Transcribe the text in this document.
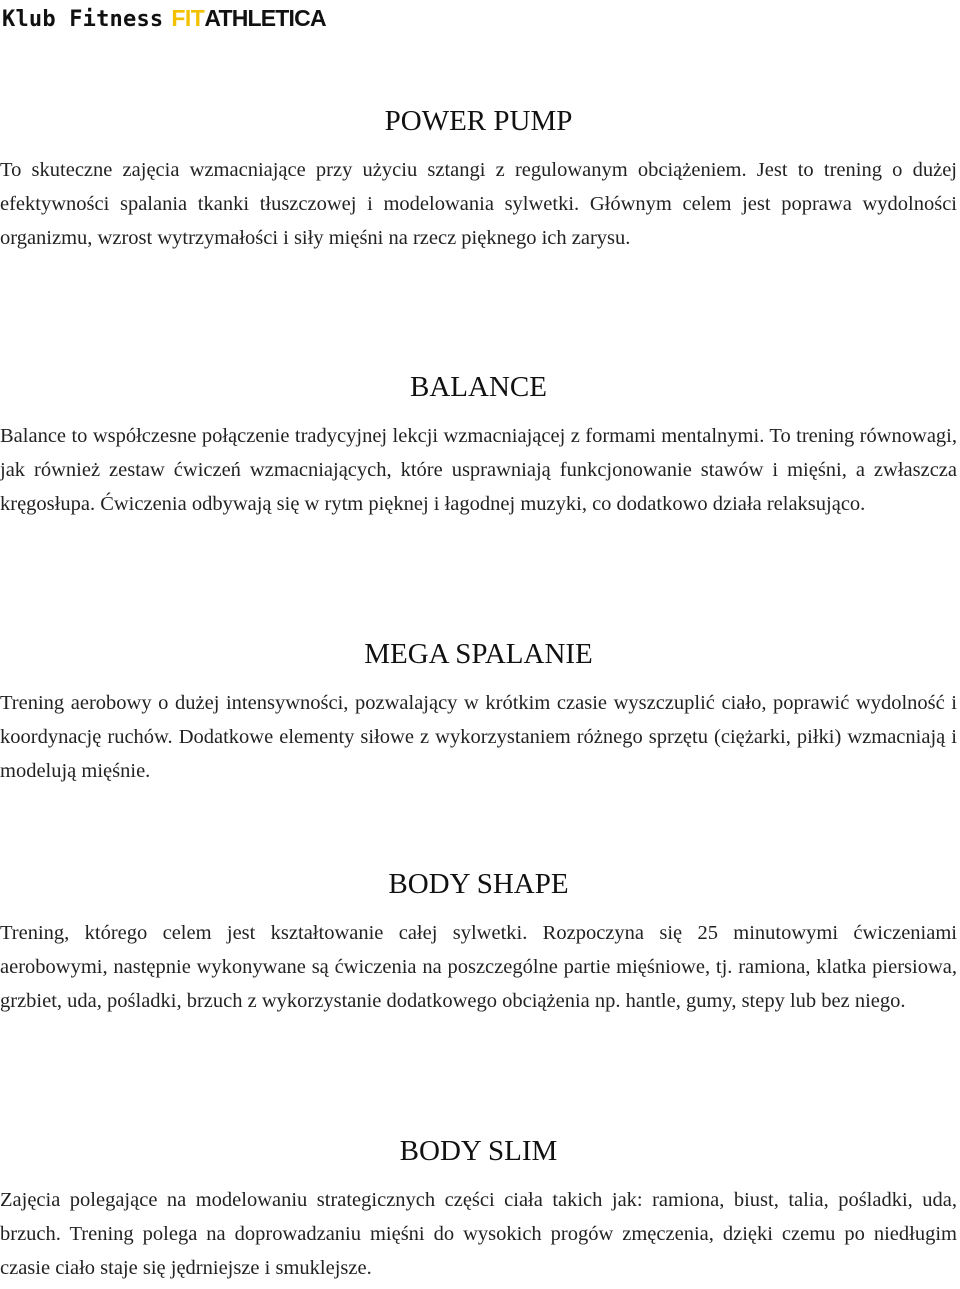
Klub Fitness FITATHLETICA
POWER PUMP

To skuteczne zajęcia wzmacniające przy użyciu sztangi z regulowanym obciążeniem. Jest to trening o dużej efektywności spalania tkanki tłuszczowej i modelowania sylwetki. Głównym celem jest poprawa wydolności organizmu, wzrost wytrzymałości i siły mięśni na rzecz pięknego ich zarysu.

BALANCE

Balance to współczesne połączenie tradycyjnej lekcji wzmacniającej z formami mentalnymi. To trening równowagi, jak również zestaw ćwiczeń wzmacniających, które usprawniają funkcjonowanie stawów i mięśni, a zwłaszcza kręgosłupa. Ćwiczenia odbywają się w rytm pięknej i łagodnej muzyki, co dodatkowo działa relaksująco.

MEGA SPALANIE

Trening aerobowy o dużej intensywności, pozwalający w krótkim czasie wyszczuplić ciało, poprawić wydolność i koordynację ruchów. Dodatkowe elementy siłowe z wykorzystaniem różnego sprzętu (ciężarki, piłki) wzmacniają i modelują mięśnie.

BODY SHAPE

Trening, którego celem jest kształtowanie całej sylwetki. Rozpoczyna się 25 minutowymi ćwiczeniami aerobowymi, następnie wykonywane są ćwiczenia na poszczególne partie mięśniowe, tj. ramiona, klatka piersiowa, grzbiet, uda, pośladki, brzuch z wykorzystanie dodatkowego obciążenia np. hantle, gumy, stepy lub bez niego.

BODY SLIM

Zajęcia polegające na modelowaniu strategicznych części ciała takich jak: ramiona, biust, talia, pośladki, uda, brzuch. Trening polega na doprowadzaniu mięśni do wysokich progów zmęczenia, dzięki czemu po niedługim czasie ciało staje się jędrniejsze i smuklejsze.
